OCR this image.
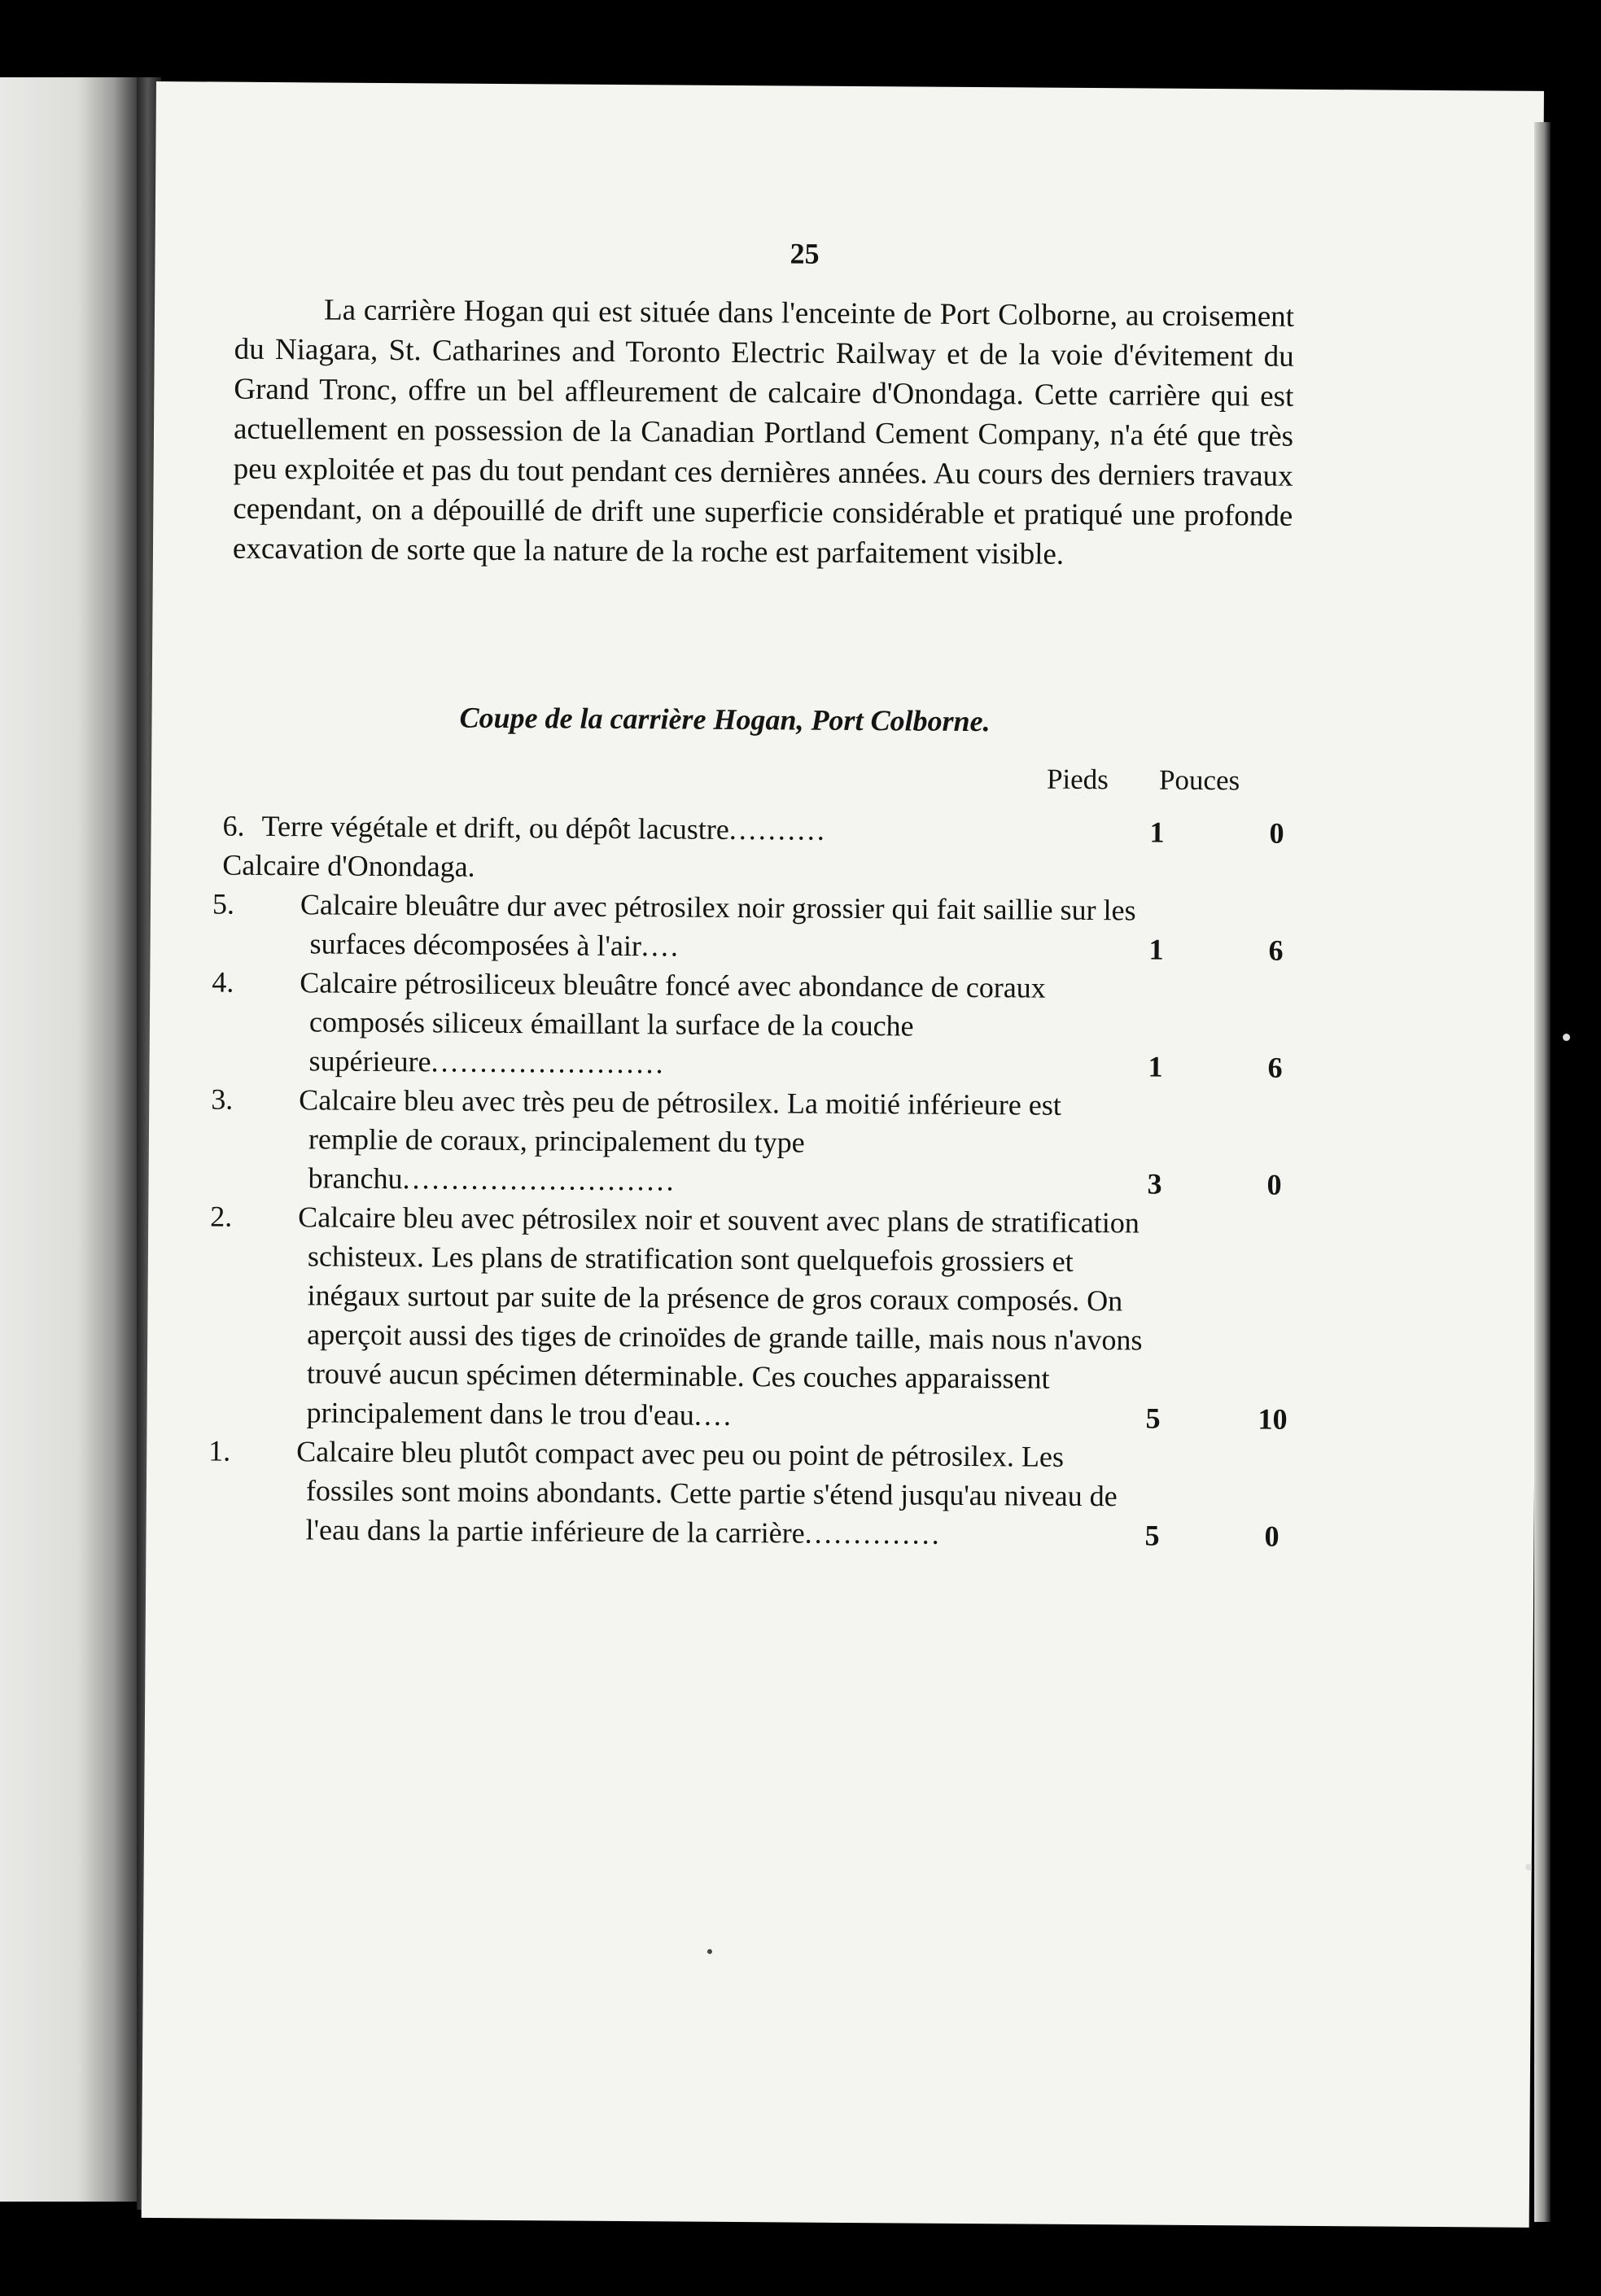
25

La carrière Hogan qui est située dans l'enceinte de Port Colborne, au croisement du Niagara, St. Catharines and Toronto Electric Railway et de la voie d'évitement du Grand Tronc, offre un bel affleurement de calcaire d'Onondaga. Cette carrière qui est actuellement en possession de la Canadian Portland Cement Company, n'a été que très peu exploitée et pas du tout pendant ces dernières années. Au cours des derniers travaux cependant, on a dépouillé de drift une superficie considérable et pratiqué une profonde excavation de sorte que la nature de la roche est parfaitement visible.

Coupe de la carrière Hogan, Port Colborne.
Pieds Pouces
6. Terre végétale et drift, ou dépôt lacustre..........	1	0
Calcaire d'Onondaga.
5. Calcaire bleuâtre dur avec pétrosilex noir grossier qui fait saillie sur les surfaces décomposées à l'air....	1	6
4. Calcaire pétrosiliceux bleuâtre foncé avec abondance de coraux composés siliceux émaillant la surface de la couche supérieure........................	1	6
3. Calcaire bleu avec très peu de pétrosilex. La moitié inférieure est remplie de coraux, principalement du type branchu............................	3	0
2. Calcaire bleu avec pétrosilex noir et souvent avec plans de stratification schisteux. Les plans de stratification sont quelquefois grossiers et inégaux surtout par suite de la présence de gros coraux composés. On aperçoit aussi des tiges de crinoïdes de grande taille, mais nous n'avons trouvé aucun spécimen déterminable. Ces couches apparaissent principalement dans le trou d'eau....	5	10
1. Calcaire bleu plutôt compact avec peu ou point de pétrosilex. Les fossiles sont moins abondants. Cette partie s'étend jusqu'au niveau de l'eau dans la partie inférieure de la carrière..............	5	0
